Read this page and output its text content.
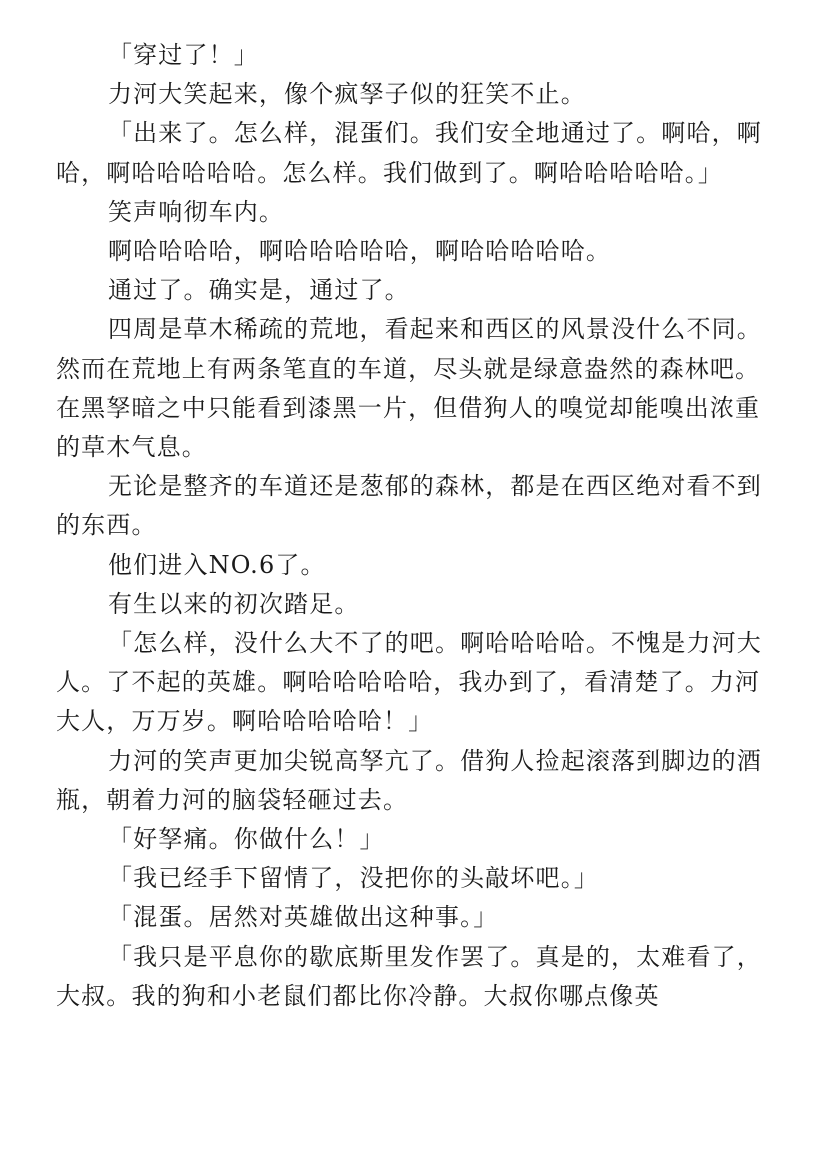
「穿过了！」

力河大笑起来，像个疯孥子似的狂笑不止。

「出来了。怎么样，混蛋们。我们安全地通过了。啊哈，啊哈，啊哈哈哈哈哈。怎么样。我们做到了。啊哈哈哈哈哈。」

笑声响彻车内。

啊哈哈哈哈，啊哈哈哈哈哈，啊哈哈哈哈哈。

通过了。确实是，通过了。

四周是草木稀疏的荒地，看起来和西区的风景没什么不同。然而在荒地上有两条笔直的车道，尽头就是绿意盎然的森林吧。在黑孥暗之中只能看到漆黑一片，但借狗人的嗅觉却能嗅出浓重的草木气息。

无论是整齐的车道还是葱郁的森林，都是在西区绝对看不到的东西。

他们进入NO.6了。

有生以来的初次踏足。

「怎么样，没什么大不了的吧。啊哈哈哈哈。不愧是力河大人。了不起的英雄。啊哈哈哈哈哈，我办到了，看清楚了。力河大人，万万岁。啊哈哈哈哈哈！」

力河的笑声更加尖锐高孥亢了。借狗人捡起滚落到脚边的酒瓶，朝着力河的脑袋轻砸过去。

「好孥痛。你做什么！」

「我已经手下留情了，没把你的头敲坏吧。」

「混蛋。居然对英雄做出这种事。」

「我只是平息你的歇底斯里发作罢了。真是的，太难看了，大叔。我的狗和小老鼠们都比你冷静。大叔你哪点像英
